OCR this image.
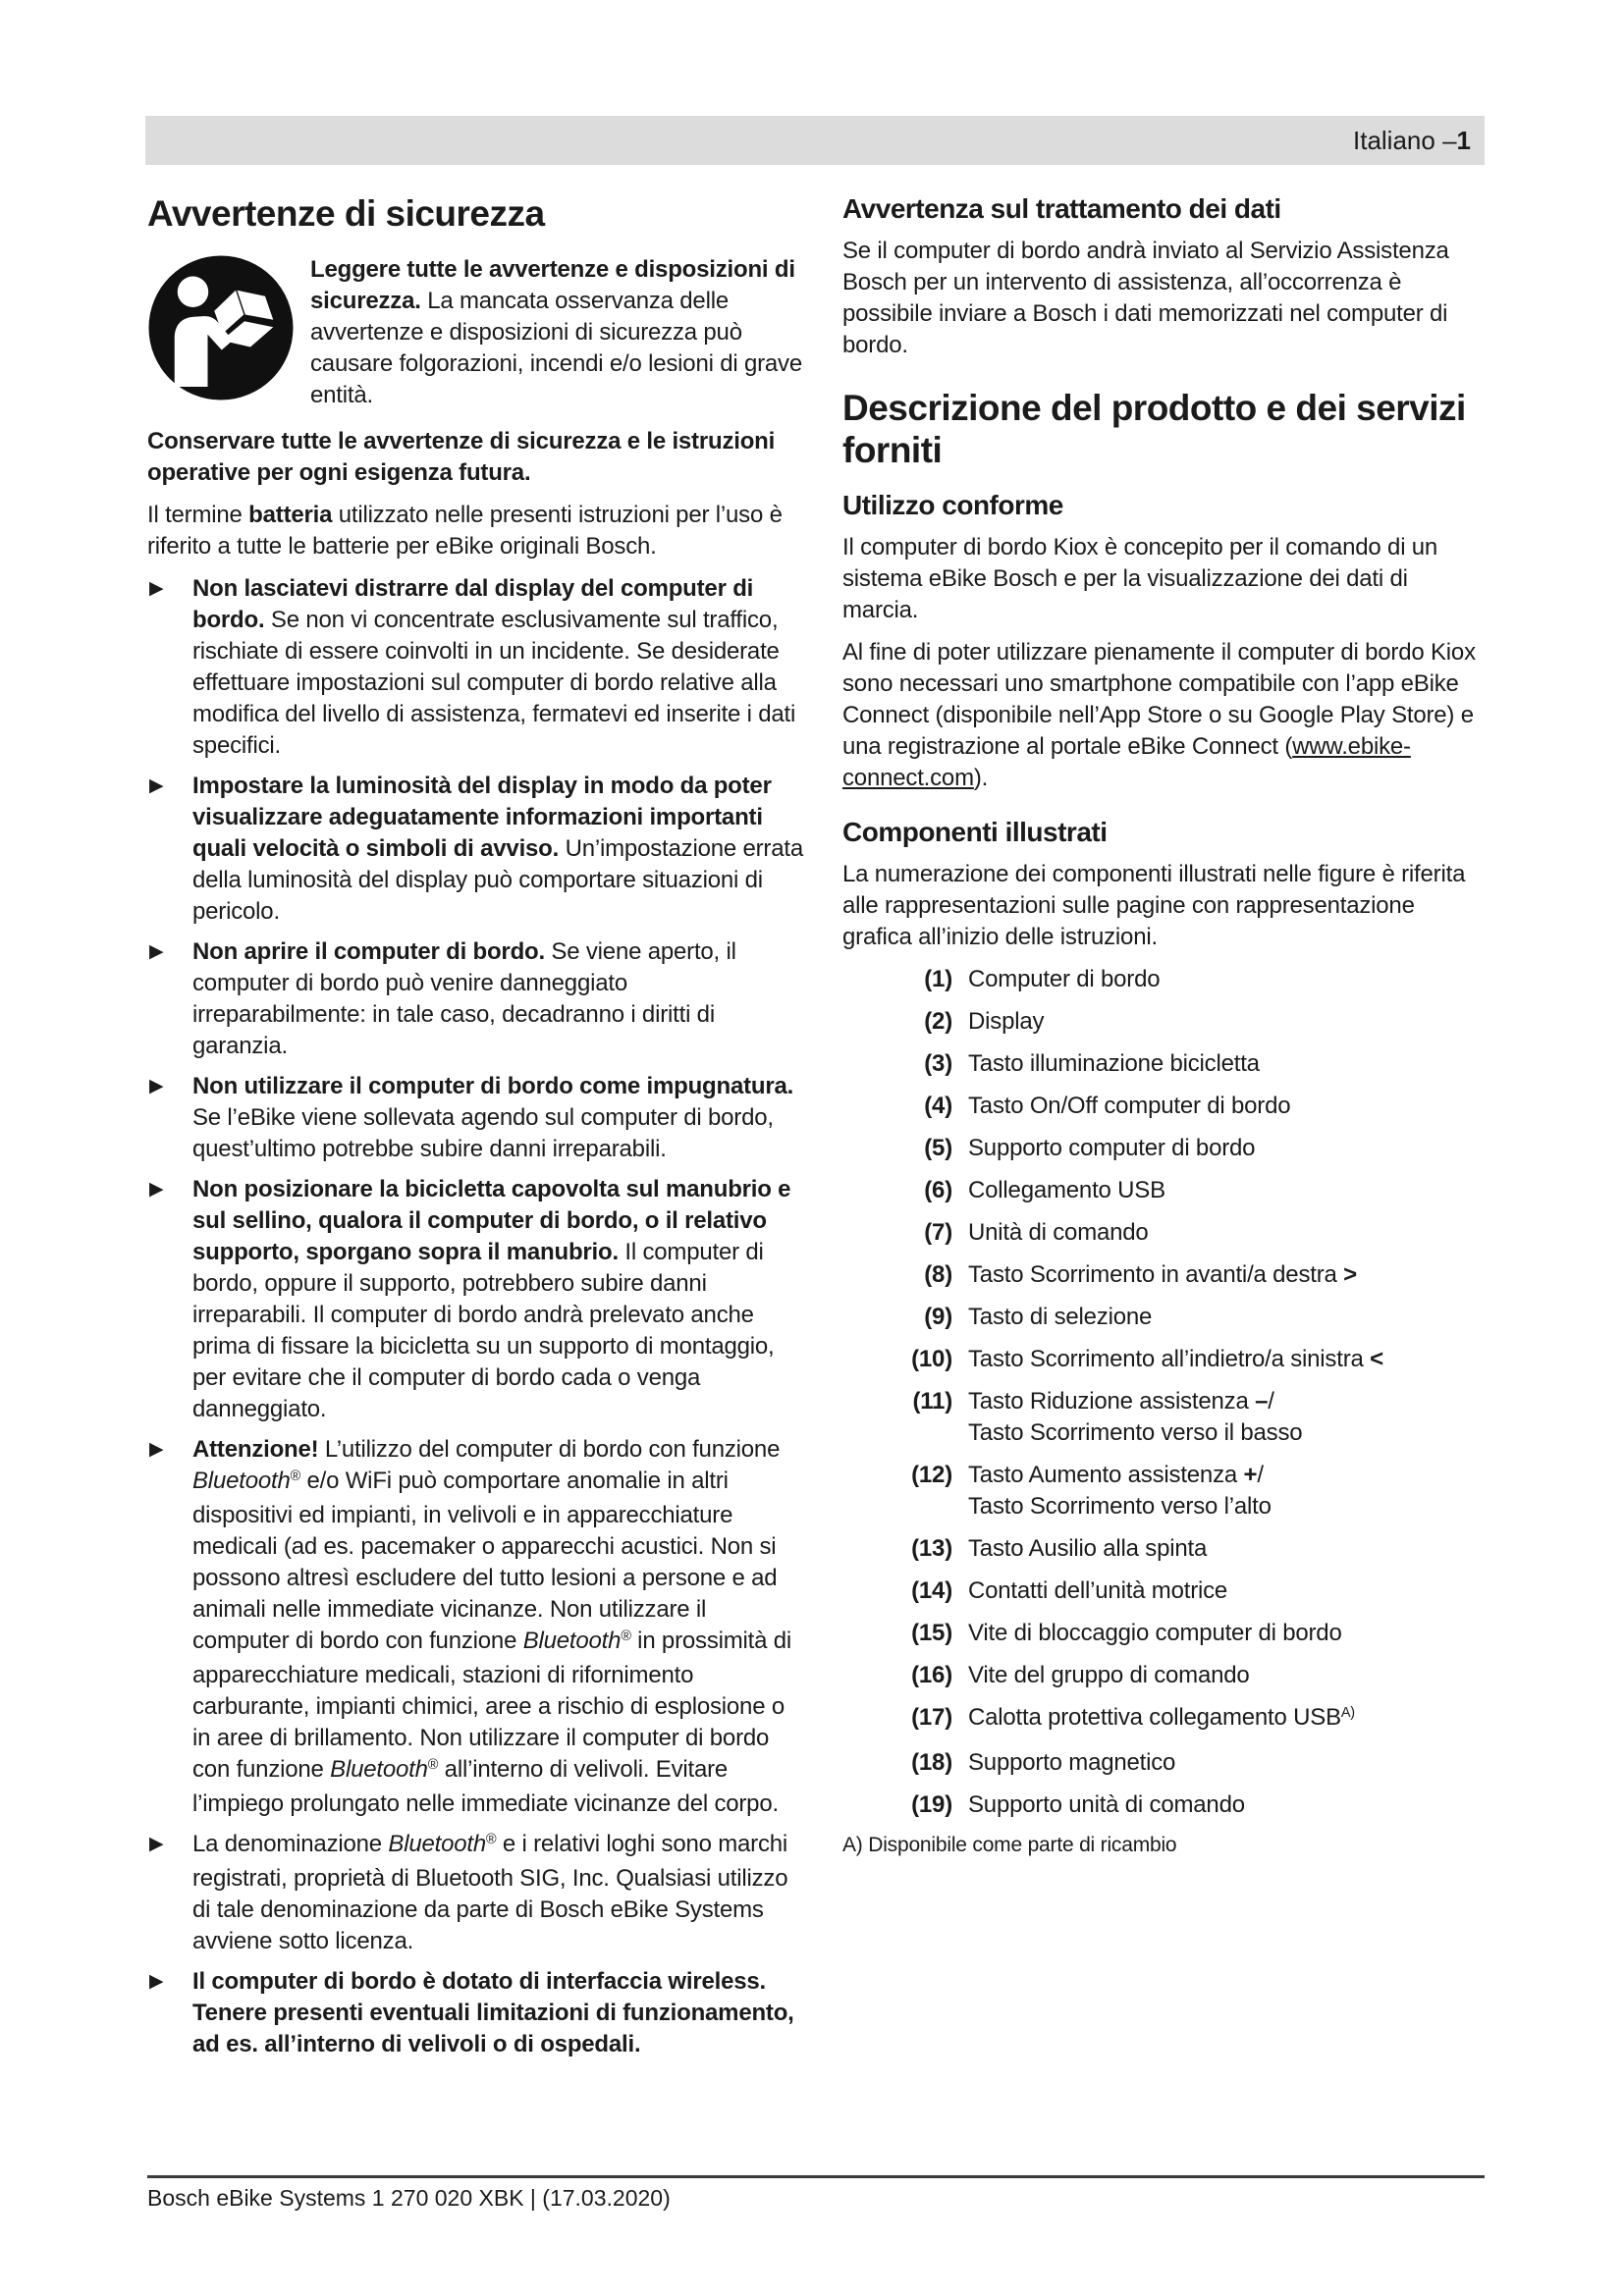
Italiano – 1
Avvertenze di sicurezza

Leggere tutte le avvertenze e disposizioni di sicurezza. La mancata osservanza delle avvertenze e disposizioni di sicurezza può causare folgorazioni, incendi e/o lesioni di grave entità.

Conservare tutte le avvertenze di sicurezza e le istruzioni operative per ogni esigenza futura.

Il termine batteria utilizzato nelle presenti istruzioni per l’uso è riferito a tutte le batterie per eBike originali Bosch.

▶ Non lasciatevi distrarre dal display del computer di bordo. Se non vi concentrate esclusivamente sul traffico, rischiate di essere coinvolti in un incidente. Se desiderate effettuare impostazioni sul computer di bordo relative alla modifica del livello di assistenza, fermatevi ed inserite i dati specifici.
▶ Impostare la luminosità del display in modo da poter visualizzare adeguatamente informazioni importanti quali velocità o simboli di avviso. Un’impostazione errata della luminosità del display può comportare situazioni di pericolo.
▶ Non aprire il computer di bordo. Se viene aperto, il computer di bordo può venire danneggiato irreparabilmente: in tale caso, decadranno i diritti di garanzia.
▶ Non utilizzare il computer di bordo come impugnatura. Se l’eBike viene sollevata agendo sul computer di bordo, quest’ultimo potrebbe subire danni irreparabili.
▶ Non posizionare la bicicletta capovolta sul manubrio e sul sellino, qualora il computer di bordo, o il relativo supporto, sporgano sopra il manubrio. Il computer di bordo, oppure il supporto, potrebbero subire danni irreparabili. Il computer di bordo andrà prelevato anche prima di fissare la bicicletta su un supporto di montaggio, per evitare che il computer di bordo cada o venga danneggiato.
▶ Attenzione! L’utilizzo del computer di bordo con funzione Bluetooth® e/o WiFi può comportare anomalie in altri dispositivi ed impianti, in velivoli e in apparecchiature medicali (ad es. pacemaker o apparecchi acustici. Non si possono altresì escludere del tutto lesioni a persone e ad animali nelle immediate vicinanze. Non utilizzare il computer di bordo con funzione Bluetooth® in prossimità di apparecchiature medicali, stazioni di rifornimento carburante, impianti chimici, aree a rischio di esplosione o in aree di brillamento. Non utilizzare il computer di bordo con funzione Bluetooth® all’interno di velivoli. Evitare l’impiego prolungato nelle immediate vicinanze del corpo.
▶ La denominazione Bluetooth® e i relativi loghi sono marchi registrati, proprietà di Bluetooth SIG, Inc. Qualsiasi utilizzo di tale denominazione da parte di Bosch eBike Systems avviene sotto licenza.
▶ Il computer di bordo è dotato di interfaccia wireless. Tenere presenti eventuali limitazioni di funzionamento, ad es. all’interno di velivoli o di ospedali.
Avvertenza sul trattamento dei dati

Se il computer di bordo andrà inviato al Servizio Assistenza Bosch per un intervento di assistenza, all’occorrenza è possibile inviare a Bosch i dati memorizzati nel computer di bordo.

Descrizione del prodotto e dei servizi forniti
Utilizzo conforme

Il computer di bordo Kiox è concepito per il comando di un sistema eBike Bosch e per la visualizzazione dei dati di marcia.

Al fine di poter utilizzare pienamente il computer di bordo Kiox sono necessari uno smartphone compatibile con l’app eBike Connect (disponibile nell’App Store o su Google Play Store) e una registrazione al portale eBike Connect (www.ebike-connect.com).

Componenti illustrati

La numerazione dei componenti illustrati nelle figure è riferita alle rappresentazioni sulle pagine con rappresentazione grafica all’inizio delle istruzioni.

(1) Computer di bordo
(2) Display
(3) Tasto illuminazione bicicletta
(4) Tasto On/Off computer di bordo
(5) Supporto computer di bordo
(6) Collegamento USB
(7) Unità di comando
(8) Tasto Scorrimento in avanti/a destra >
(9) Tasto di selezione
(10) Tasto Scorrimento all’indietro/a sinistra <
(11) Tasto Riduzione assistenza –/
Tasto Scorrimento verso il basso
(12) Tasto Aumento assistenza +/
Tasto Scorrimento verso l’alto
(13) Tasto Ausilio alla spinta
(14) Contatti dell’unità motrice
(15) Vite di bloccaggio computer di bordo
(16) Vite del gruppo di comando
(17) Calotta protettiva collegamento $USB^{A)}$
(18) Supporto magnetico
(19) Supporto unità di comando

A) Disponibile come parte di ricambio

Bosch eBike Systems 1 270 020 XBK | (17.03.2020)
